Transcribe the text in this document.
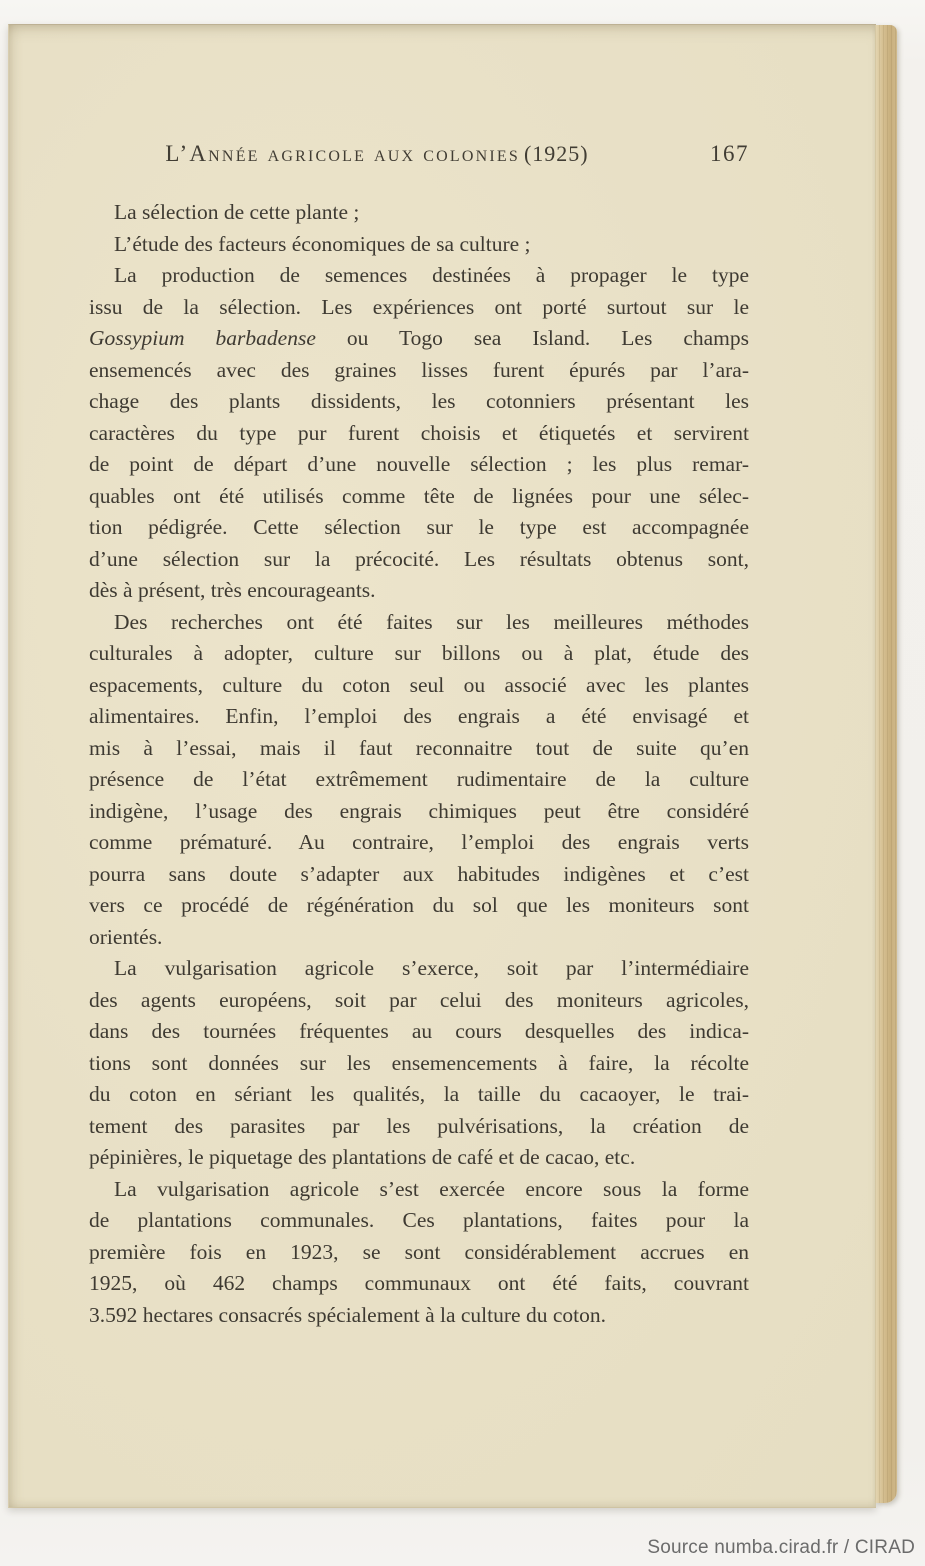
L’Année agricole aux colonies (1925)	167
La sélection de cette plante ;
L’étude des facteurs économiques de sa culture ;
La production de semences destinées à propager le type
issu de la sélection. Les expériences ont porté surtout sur le
Gossypium barbadense ou Togo sea Island. Les champs
ensemencés avec des graines lisses furent épurés par l’ara-
chage des plants dissidents, les cotonniers présentant les
caractères du type pur furent choisis et étiquetés et servirent
de point de départ d’une nouvelle sélection ; les plus remar-
quables ont été utilisés comme tête de lignées pour une sélec-
tion pédigrée. Cette sélection sur le type est accompagnée
d’une sélection sur la précocité. Les résultats obtenus sont,
dès à présent, très encourageants.
Des recherches ont été faites sur les meilleures méthodes
culturales à adopter, culture sur billons ou à plat, étude des
espacements, culture du coton seul ou associé avec les plantes
alimentaires. Enfin, l’emploi des engrais a été envisagé et
mis à l’essai, mais il faut reconnaitre tout de suite qu’en
présence de l’état extrêmement rudimentaire de la culture
indigène, l’usage des engrais chimiques peut être considéré
comme prématuré. Au contraire, l’emploi des engrais verts
pourra sans doute s’adapter aux habitudes indigènes et c’est
vers ce procédé de régénération du sol que les moniteurs sont
orientés.
La vulgarisation agricole s’exerce, soit par l’intermédiaire
des agents européens, soit par celui des moniteurs agricoles,
dans des tournées fréquentes au cours desquelles des indica-
tions sont données sur les ensemencements à faire, la récolte
du coton en sériant les qualités, la taille du cacaoyer, le trai-
tement des parasites par les pulvérisations, la création de
pépinières, le piquetage des plantations de café et de cacao, etc.
La vulgarisation agricole s’est exercée encore sous la forme
de plantations communales. Ces plantations, faites pour la
première fois en 1923, se sont considérablement accrues en
1925, où 462 champs communaux ont été faits, couvrant
3.592 hectares consacrés spécialement à la culture du coton.
Source numba.cirad.fr / CIRAD
